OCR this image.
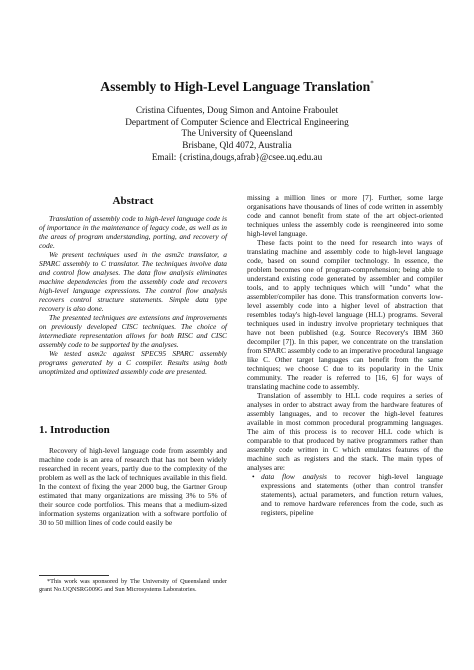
Assembly to High-Level Language Translation*
Cristina Cifuentes, Doug Simon and Antoine Fraboulet
Department of Computer Science and Electrical Engineering
The University of Queensland
Brisbane, Qld 4072, Australia
Email: {cristina,dougs,afrab}@csee.uq.edu.au
Abstract

Translation of assembly code to high-level language code is of importance in the maintenance of legacy code, as well as in the areas of program understanding, porting, and recovery of code.

We present techniques used in the asm2c translator, a SPARC assembly to C translator. The techniques involve data and control flow analyses. The data flow analysis eliminates machine dependencies from the assembly code and recovers high-level language expressions. The control flow analysis recovers control structure statements. Simple data type recovery is also done.

The presented techniques are extensions and improvements on previously developed CISC techniques. The choice of intermediate representation allows for both RISC and CISC assembly code to be supported by the analyses.

We tested asm2c against SPEC95 SPARC assembly programs generated by a C compiler. Results using both unoptimized and optimized assembly code are presented.

1. Introduction

Recovery of high-level language code from assembly and machine code is an area of research that has not been widely researched in recent years, partly due to the complexity of the problem as well as the lack of techniques available in this field. In the context of fixing the year 2000 bug, the Gartner Group estimated that many organizations are missing 3% to 5% of their source code portfolios. This means that a medium-sized information systems organization with a software portfolio of 30 to 50 million lines of code could easily be

*This work was sponsored by The University of Queensland under grant No.UQNSRG009G and Sun Microsystems Laboratories.

missing a million lines or more [7]. Further, some large organisations have thousands of lines of code written in assembly code and cannot benefit from state of the art object-oriented techniques unless the assembly code is reengineered into some high-level language.

These facts point to the need for research into ways of translating machine and assembly code to high-level language code, based on sound compiler technology. In essence, the problem becomes one of program-comprehension; being able to understand existing code generated by assembler and compiler tools, and to apply techniques which will "undo" what the assembler/compiler has done. This transformation converts low-level assembly code into a higher level of abstraction that resembles today's high-level language (HLL) programs. Several techniques used in industry involve proprietary techniques that have not been published (e.g. Source Recovery's IBM 360 decompiler [7]). In this paper, we concentrate on the translation from SPARC assembly code to an imperative procedural language like C. Other target languages can benefit from the same techniques; we choose C due to its popularity in the Unix community. The reader is referred to [16, 6] for ways of translating machine code to assembly.

Translation of assembly to HLL code requires a series of analyses in order to abstract away from the hardware features of assembly languages, and to recover the high-level features available in most common procedural programming languages. The aim of this process is to recover HLL code which is comparable to that produced by native programmers rather than assembly code written in C which emulates features of the machine such as registers and the stack. The main types of analyses are:

• data flow analysis to recover high-level language expressions and statements (other than control transfer statements), actual parameters, and function return values, and to remove hardware references from the code, such as registers, pipeline
